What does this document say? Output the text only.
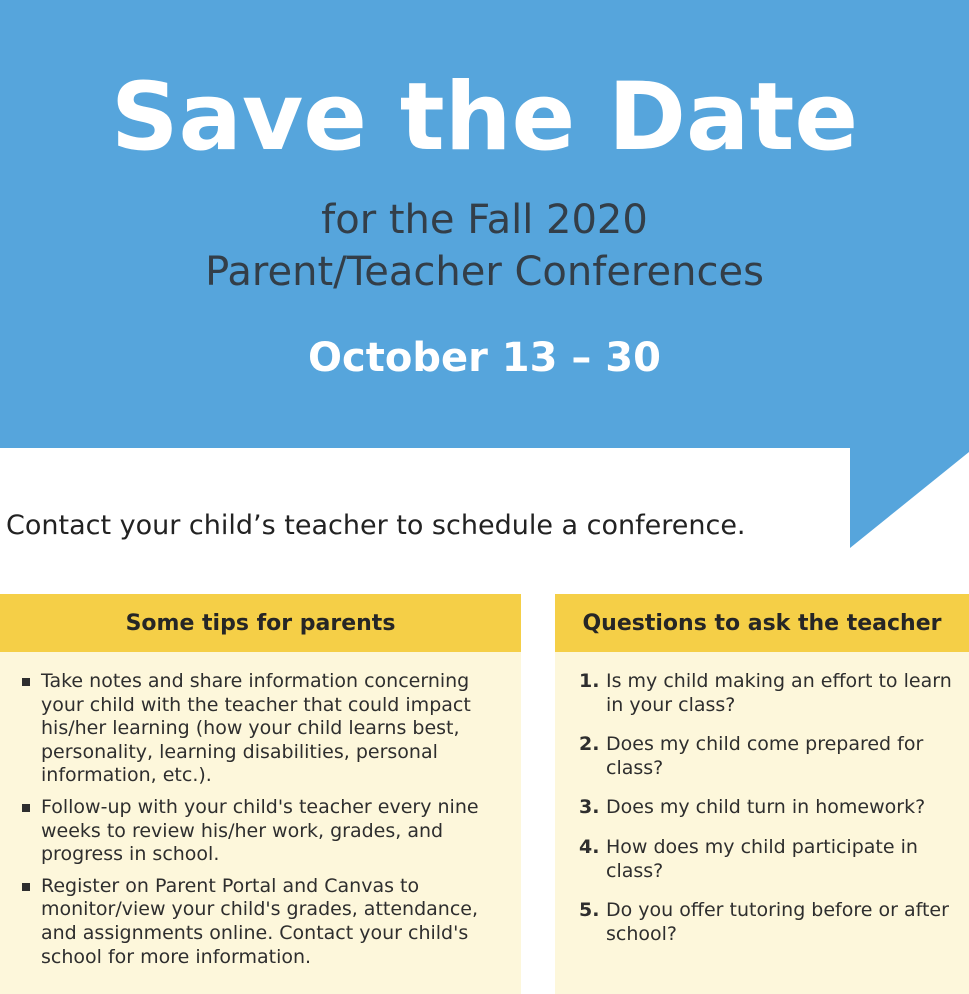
Save the Date
for the Fall 2020
Parent/Teacher Conferences
October 13 – 30
Contact your child’s teacher to schedule a conference.
Some tips for parents
Take notes and share information concerning your child with the teacher that could impact his/her learning (how your child learns best, personality, learning disabilities, personal information, etc.).
Follow-up with your child's teacher every nine weeks to review his/her work, grades, and progress in school.
Register on Parent Portal and Canvas to monitor/view your child's grades, attendance, and assignments online. Contact your child's school for more information.
Questions to ask the teacher
1. Is my child making an effort to learn in your class?
2. Does my child come prepared for class?
3. Does my child turn in homework?
4. How does my child participate in class?
5. Do you offer tutoring before or after school?
